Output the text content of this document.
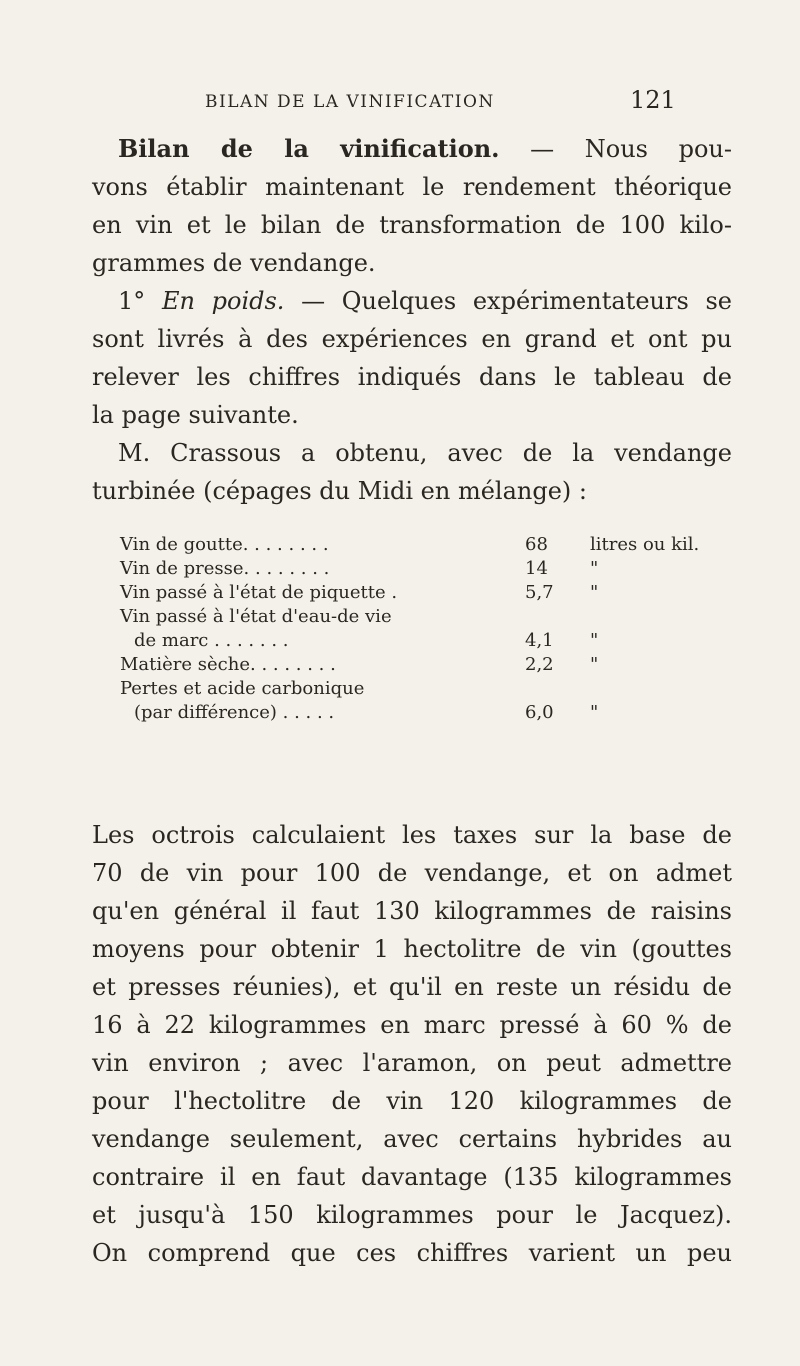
BILAN DE LA VINIFICATION	121
Bilan de la vinification. — Nous pou-
vons établir maintenant le rendement théorique
en vin et le bilan de transformation de 100 kilo-
grammes de vendange.
1° En poids. — Quelques expérimentateurs se
sont livrés à des expériences en grand et ont pu
relever les chiffres indiqués dans le tableau de
la page suivante.
M. Crassous a obtenu, avec de la vendange
turbinée (cépages du Midi en mélange) :
Vin de goutte. . . . . . . .	68	litres ou kil.
Vin de presse. . . . . . . .	14	"
Vin passé à l'état de piquette .	5,7	"
Vin passé à l'état d'eau-de vie
de marc . . . . . . .	4,1	"
Matière sèche. . . . . . . .	2,2	"
Pertes et acide carbonique
(par différence) . . . . .	6,0	"
Les octrois calculaient les taxes sur la base de
70 de vin pour 100 de vendange, et on admet
qu'en général il faut 130 kilogrammes de raisins
moyens pour obtenir 1 hectolitre de vin (gouttes
et presses réunies), et qu'il en reste un résidu de
16 à 22 kilogrammes en marc pressé à 60 % de
vin environ ; avec l'aramon, on peut admettre
pour l'hectolitre de vin 120 kilogrammes de
vendange seulement, avec certains hybrides au
contraire il en faut davantage (135 kilogrammes
et jusqu'à 150 kilogrammes pour le Jacquez).
On comprend que ces chiffres varient un peu
